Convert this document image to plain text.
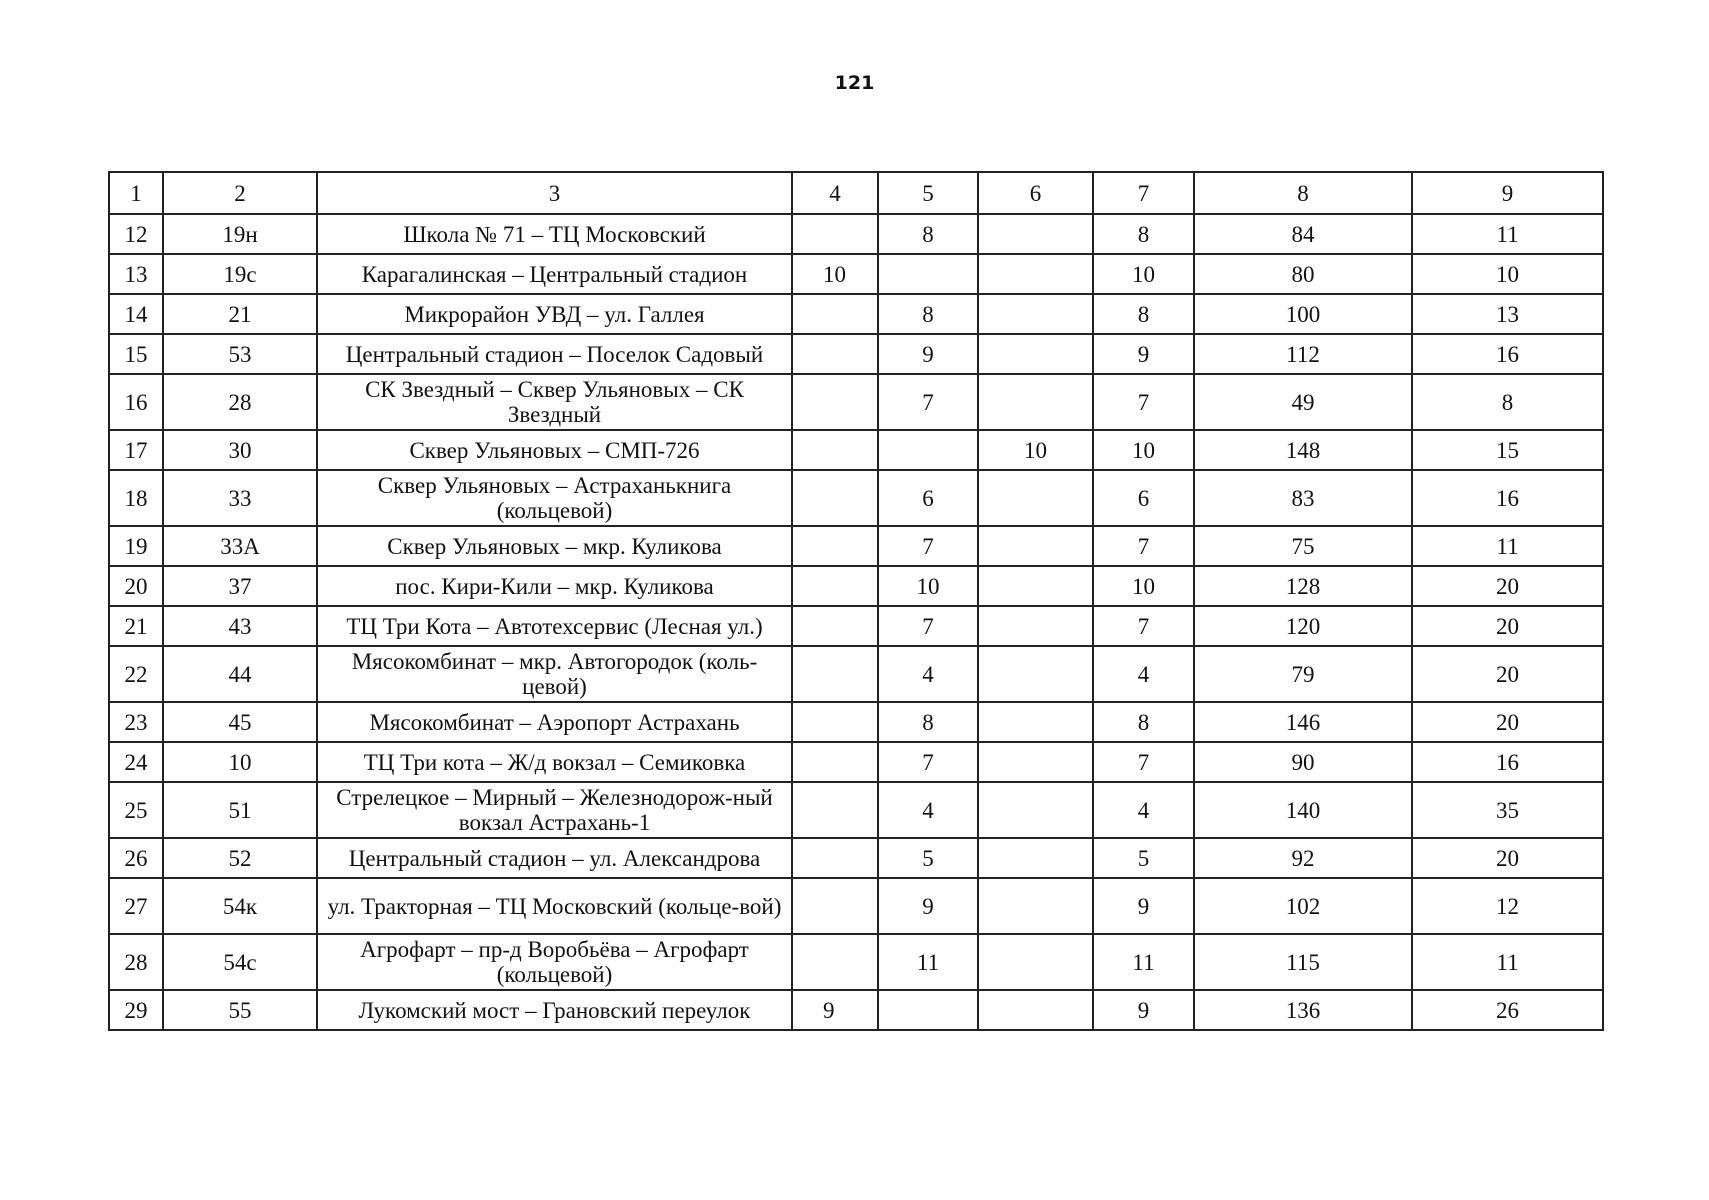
121
1	2	3	4	5	6	7	8	9
12	19н	Школа № 71 – ТЦ Московский		8		8	84	11
13	19с	Карагалинская – Центральный стадион	10			10	80	10
14	21	Микрорайон УВД – ул. Галлея		8		8	100	13
15	53	Центральный стадион – Поселок Садовый		9		9	112	16
16	28	СК Звездный – Сквер Ульяновых – СК Звездный		7		7	49	8
17	30	Сквер Ульяновых – СМП-726			10	10	148	15
18	33	Сквер Ульяновых – Астраханькнига (кольцевой)		6		6	83	16
19	33А	Сквер Ульяновых – мкр. Куликова		7		7	75	11
20	37	пос. Кири-Кили – мкр. Куликова		10		10	128	20
21	43	ТЦ Три Кота – Автотехсервис (Лесная ул.)		7		7	120	20
22	44	Мясокомбинат – мкр. Автогородок (коль-цевой)		4		4	79	20
23	45	Мясокомбинат – Аэропорт Астрахань		8		8	146	20
24	10	ТЦ Три кота – Ж/д вокзал – Семиковка		7		7	90	16
25	51	Стрелецкое – Мирный – Железнодорож-ный вокзал Астрахань-1		4		4	140	35
26	52	Центральный стадион – ул. Александрова		5		5	92	20
27	54к	ул. Тракторная – ТЦ Московский (кольце-вой)		9		9	102	12
28	54с	Агрофарт – пр-д Воробьёва – Агрофарт (кольцевой)		11		11	115	11
29	55	Лукомский мост – Грановский переулок	9			9	136	26
